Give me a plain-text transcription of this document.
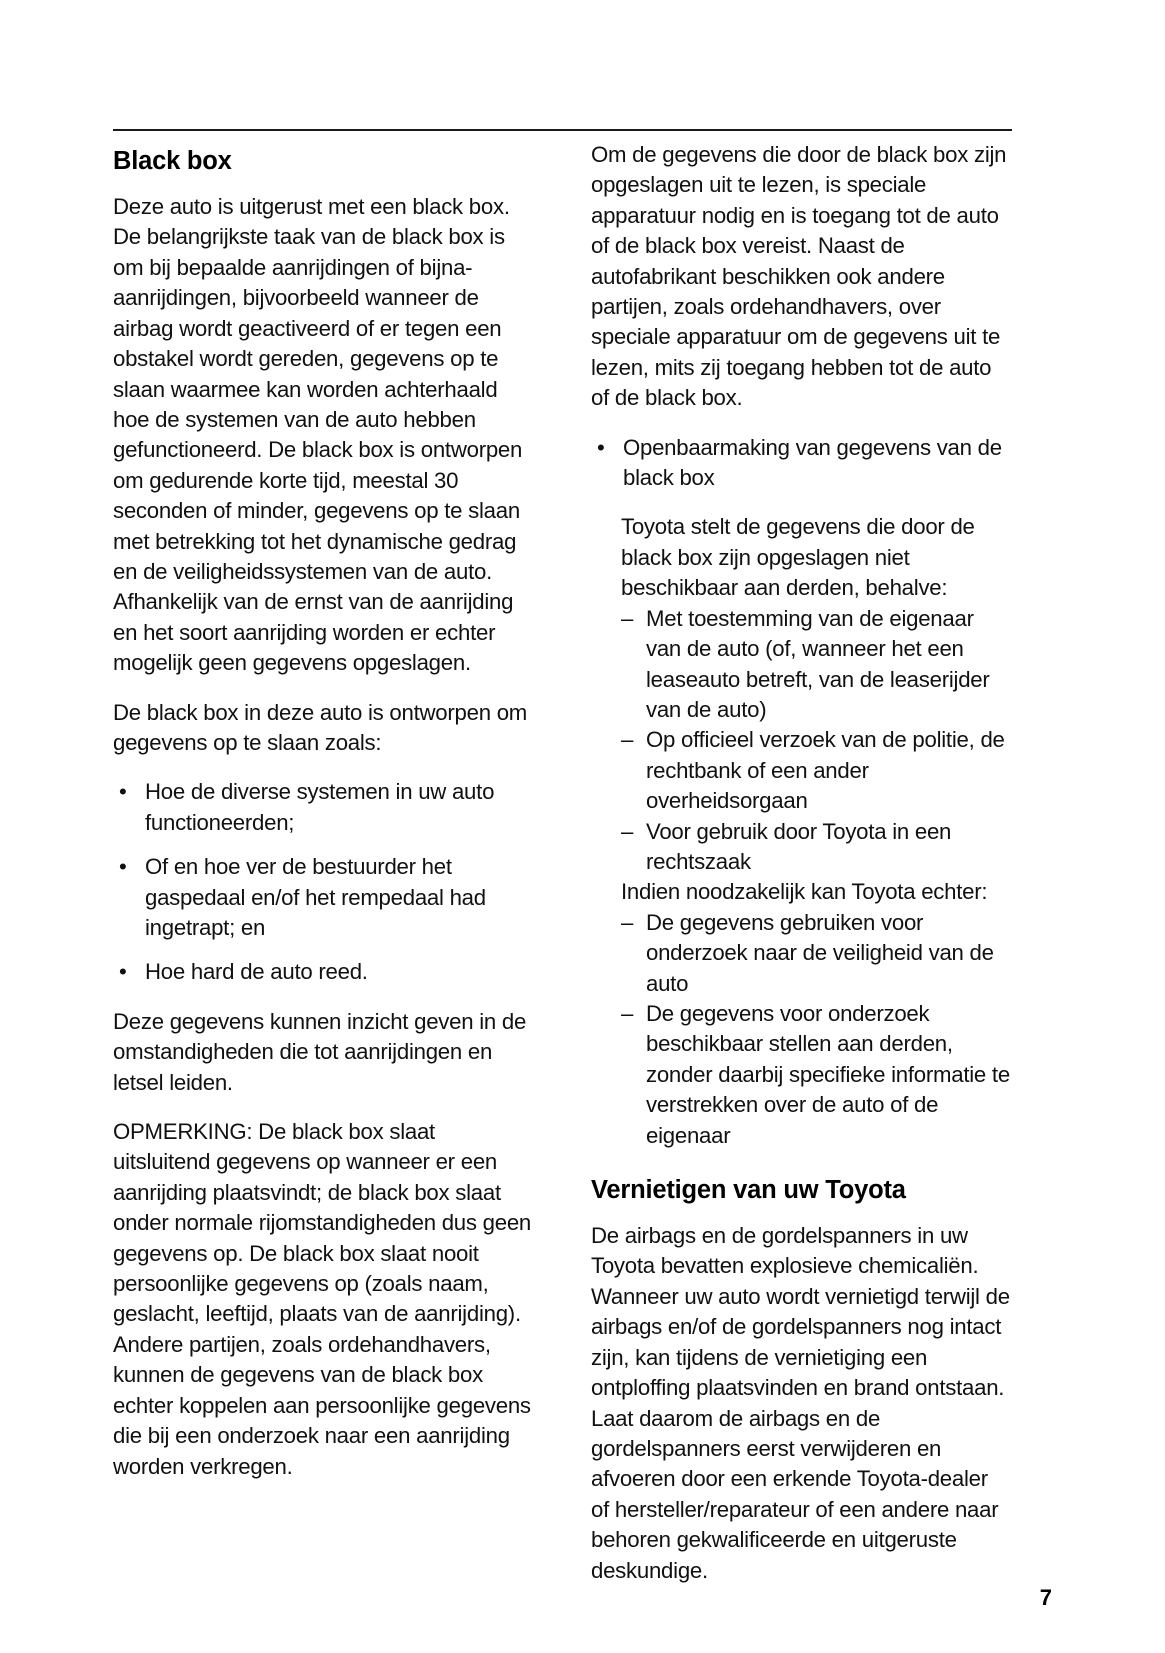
Black box

Deze auto is uitgerust met een black box. De belangrijkste taak van de black box is om bij bepaalde aanrijdingen of bijna-aanrijdingen, bijvoorbeeld wanneer de airbag wordt geactiveerd of er tegen een obstakel wordt gereden, gegevens op te slaan waarmee kan worden achterhaald hoe de systemen van de auto hebben gefunctioneerd. De black box is ontworpen om gedurende korte tijd, meestal 30 seconden of minder, gegevens op te slaan met betrekking tot het dynamische gedrag en de veiligheidssystemen van de auto. Afhankelijk van de ernst van de aanrijding en het soort aanrijding worden er echter mogelijk geen gegevens opgeslagen.

De black box in deze auto is ontworpen om gegevens op te slaan zoals:

• Hoe de diverse systemen in uw auto functioneerden;
• Of en hoe ver de bestuurder het gaspedaal en/of het rempedaal had ingetrapt; en
• Hoe hard de auto reed.

Deze gegevens kunnen inzicht geven in de omstandigheden die tot aanrijdingen en letsel leiden.

OPMERKING: De black box slaat uitsluitend gegevens op wanneer er een aanrijding plaatsvindt; de black box slaat onder normale rijomstandigheden dus geen gegevens op. De black box slaat nooit persoonlijke gegevens op (zoals naam, geslacht, leeftijd, plaats van de aanrijding). Andere partijen, zoals ordehandhavers, kunnen de gegevens van de black box echter koppelen aan persoonlijke gegevens die bij een onderzoek naar een aanrijding worden verkregen.

Om de gegevens die door de black box zijn opgeslagen uit te lezen, is speciale apparatuur nodig en is toegang tot de auto of de black box vereist. Naast de autofabrikant beschikken ook andere partijen, zoals ordehandhavers, over speciale apparatuur om de gegevens uit te lezen, mits zij toegang hebben tot de auto of de black box.

• Openbaarmaking van gegevens van de black box

Toyota stelt de gegevens die door de black box zijn opgeslagen niet beschikbaar aan derden, behalve:

– Met toestemming van de eigenaar van de auto (of, wanneer het een leaseauto betreft, van de leaserijder van de auto)
– Op officieel verzoek van de politie, de rechtbank of een ander overheidsorgaan
– Voor gebruik door Toyota in een rechtszaak

Indien noodzakelijk kan Toyota echter:

– De gegevens gebruiken voor onderzoek naar de veiligheid van de auto
– De gegevens voor onderzoek beschikbaar stellen aan derden, zonder daarbij specifieke informatie te verstrekken over de auto of de eigenaar
Vernietigen van uw Toyota

De airbags en de gordelspanners in uw Toyota bevatten explosieve chemicaliën. Wanneer uw auto wordt vernietigd terwijl de airbags en/of de gordelspanners nog intact zijn, kan tijdens de vernietiging een ontploffing plaatsvinden en brand ontstaan. Laat daarom de airbags en de gordelspanners eerst verwijderen en afvoeren door een erkende Toyota-dealer of hersteller/reparateur of een andere naar behoren gekwalificeerde en uitgeruste deskundige.

7
